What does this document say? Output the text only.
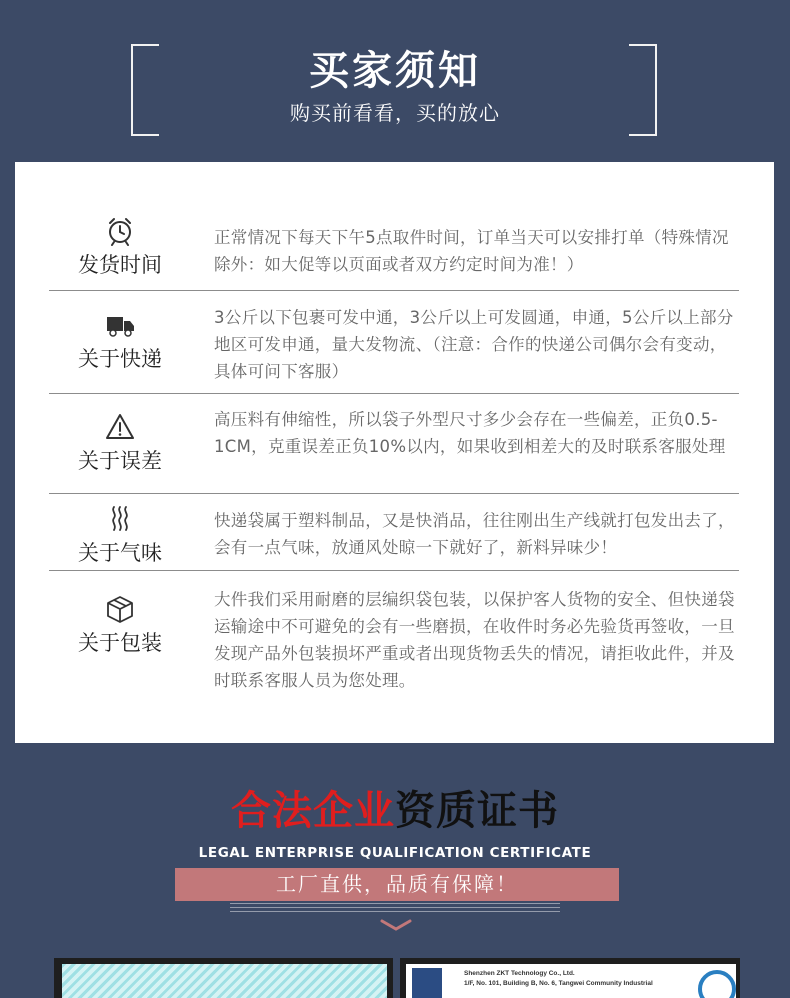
买家须知
购买前看看，买的放心
发货时间
正常情况下每天下午5点取件时间，订单当天可以安排打单（特殊情况除外：如大促等以页面或者双方约定时间为准！）
关于快递
3公斤以下包裹可发中通，3公斤以上可发圆通，申通，5公斤以上部分地区可发申通，量大发物流、（注意：合作的快递公司偶尔会有变动，具体可问下客服）
关于误差
高压料有伸缩性，所以袋子外型尺寸多少会存在一些偏差，正负0.5-1CM，克重误差正负10%以内，如果收到相差大的及时联系客服处理
关于气味
快递袋属于塑料制品，又是快消品，往往刚出生产线就打包发出去了，会有一点气味，放通风处晾一下就好了，新料异味少！
关于包装
大件我们采用耐磨的层编织袋包装，以保护客人货物的安全、但快递袋运输途中不可避免的会有一些磨损，在收件时务必先验货再签收，一旦发现产品外包装损坏严重或者出现货物丢失的情况，请拒收此件，并及时联系客服人员为您处理。
合法企业资质证书
LEGAL ENTERPRISE QUALIFICATION CERTIFICATE
工厂直供，品质有保障！
Shenzhen ZKT Technology Co., Ltd.
1/F, No. 101, Building B, No. 6, Tangwei Community Industrial
